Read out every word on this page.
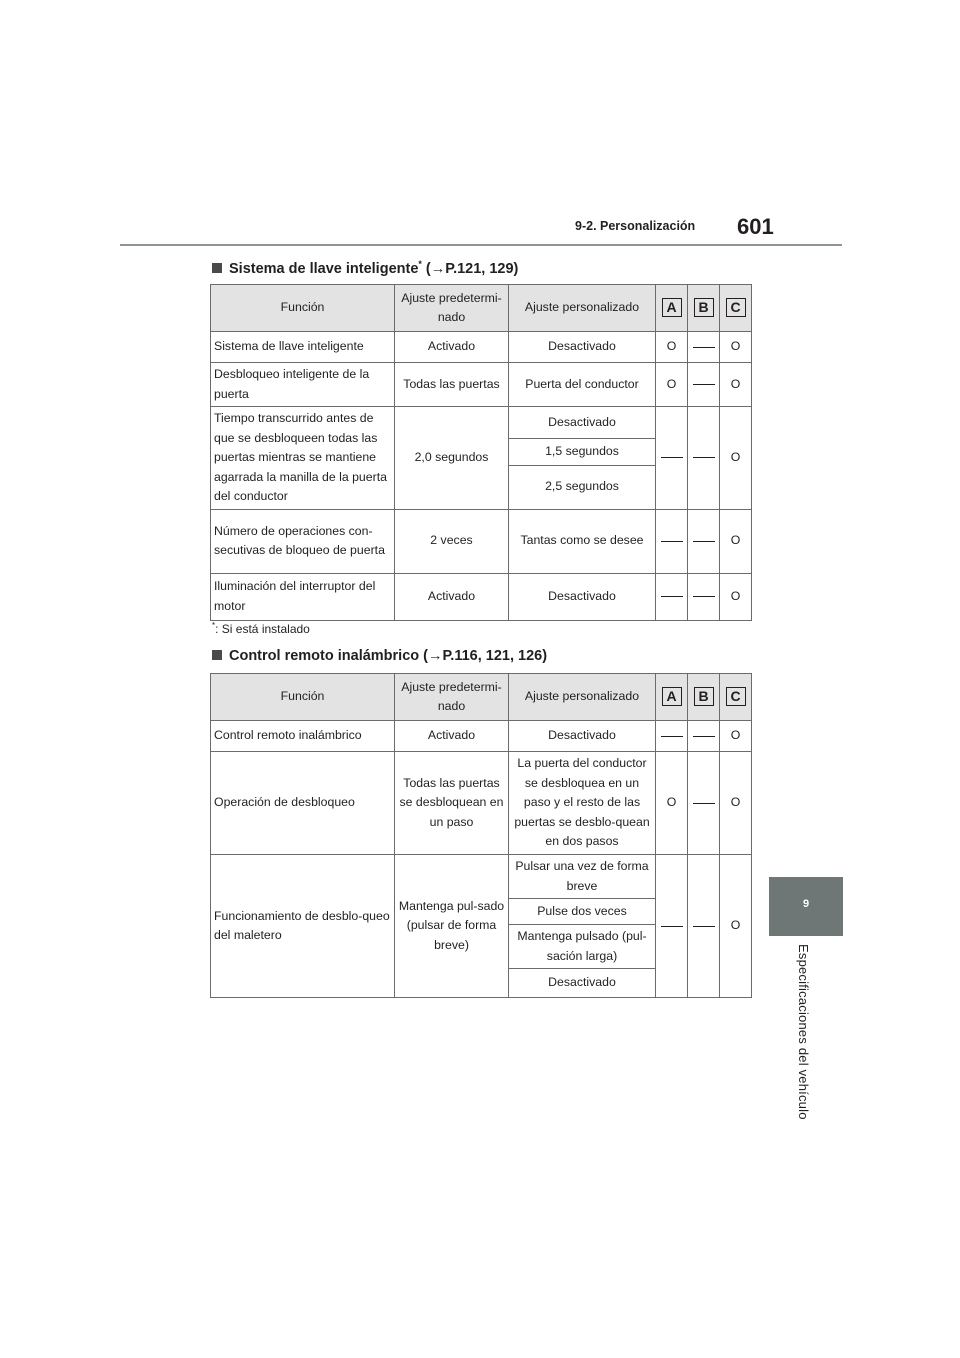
9-2. Personalización 601
9
Especificaciones del vehículo
Sistema de llave inteligente* (→P.121, 129)
Función	Ajuste predetermi-nado	Ajuste personalizado	A	B	C
Sistema de llave inteligente	Activado	Desactivado	O		O
Desbloqueo inteligente de la puerta	Todas las puertas	Puerta del conductor	O		O
Tiempo transcurrido antes de que se desbloqueen todas las puertas mientras se mantiene agarrada la manilla de la puerta del conductor	2,0 segundos	Desactivado			O
		1,5 segundos			
		2,5 segundos			
Número de operaciones con-secutivas de bloqueo de puerta	2 veces	Tantas como se desee			O
Iluminación del interruptor del motor	Activado	Desactivado			O
*: Si está instalado
Control remoto inalámbrico (→P.116, 121, 126)
Función	Ajuste predetermi-nado	Ajuste personalizado	A	B	C
Control remoto inalámbrico	Activado	Desactivado			O
Operación de desbloqueo	Todas las puertas se desbloquean en un paso	La puerta del conductor se desbloquea en un paso y el resto de las puertas se desblo-quean en dos pasos	O		O
Funcionamiento de desblo-queo del maletero	Mantenga pul-sado (pulsar de forma breve)	Pulsar una vez de forma breve			O
		Pulse dos veces			
		Mantenga pulsado (pul-sación larga)			
		Desactivado			
